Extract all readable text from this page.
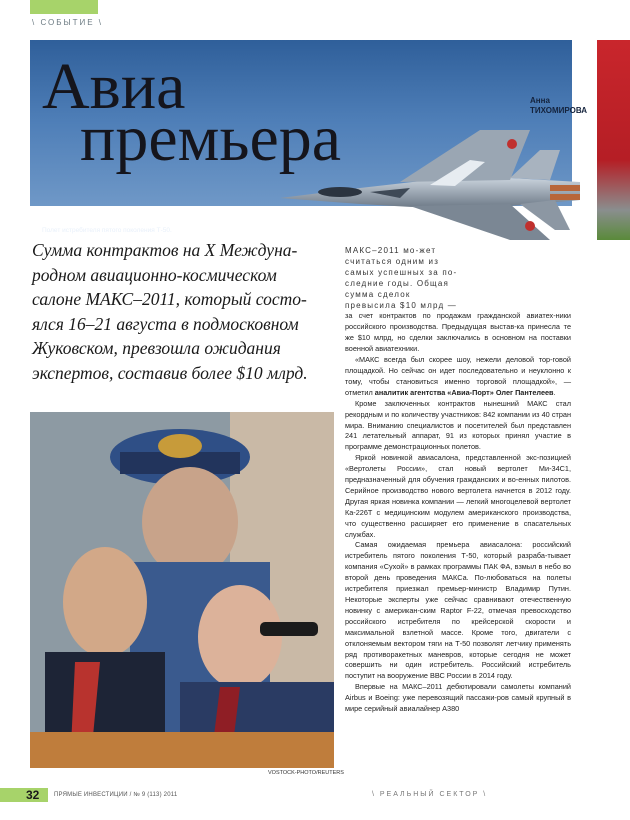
\ СОБЫТИЕ \
Авиа
премьера
Анна
ТИХОМИРОВА
Полет истребителя пятого поколения Т-50.
Сумма контрактов на X Междуна-родном авиационно-космическом салоне МАКС–2011, который состо-ялся 16–21 августа в подмосковном Жуковском, превзошла ожидания экспертов, составив более $10 млрд.

МАКС–2011 мо-жет считаться одним из самых успешных за по-следние годы. Общая сумма сделок превысила $10 млрд —
за счет контрактов по продажам гражданской авиатех-ники российского производства. Предыдущая выстав-ка принесла те же $10 млрд, но сделки заключались в основном на поставки военной авиатехники.

«МАКС всегда был скорее шоу, нежели деловой тор-говой площадкой. Но сейчас он идет последовательно и неуклонно к тому, чтобы становиться именно торговой площадкой», — отметил аналитик агентства «Авиа-Порт» Олег Пантелеев.

Кроме заключенных контрактов нынешний МАКС стал рекордным и по количеству участников: 842 компании из 40 стран мира. Вниманию специалистов и посетителей был представлен 241 летательный аппарат, 91 из которых принял участие в программе демонстрационных полетов.

Яркой новинкой авиасалона, представленной экс-позицией «Вертолеты России», стал новый вертолет Ми-34С1, предназначенный для обучения гражданских и во-енных пилотов. Серийное производство нового вертолета начнется в 2012 году. Другая яркая новинка компании — легкий многоцелевой вертолет Ка-226Т с медицинским модулем американского производства, что существенно расширяет его применение в спасательных службах.

Самая ожидаемая премьера авиасалона: российский истребитель пятого поколения Т-50, который разраба-тывает компания «Сухой» в рамках программы ПАК ФА, взмыл в небо во второй день проведения МАКСа. По-любоваться на полеты истребителя приезжал премьер-министр Владимир Путин. Некоторые эксперты уже сейчас сравнивают отечественную новинку с американ-ским Raptor F-22, отмечая превосходство российского истребителя по крейсерской скорости и максимальной взлетной массе. Кроме того, двигатели с отклоняемым вектором тяги на Т-50 позволят летчику применять ряд противоракетных маневров, которые сегодня не может совершить ни один истребитель. Российский истребитель поступит на вооружение ВВС России в 2014 году.

Впервые на МАКС–2011 дебютировали самолеты компаний Airbus и Boeing: уже перевозящий пассажи-ров самый крупный в мире серийный авиалайнер A380

VOSTOCK-PHOTO/REUTERS
32 ПРЯМЫЕ ИНВЕСТИЦИИ / № 9 (113) 2011	\ РЕАЛЬНЫЙ СЕКТОР \
